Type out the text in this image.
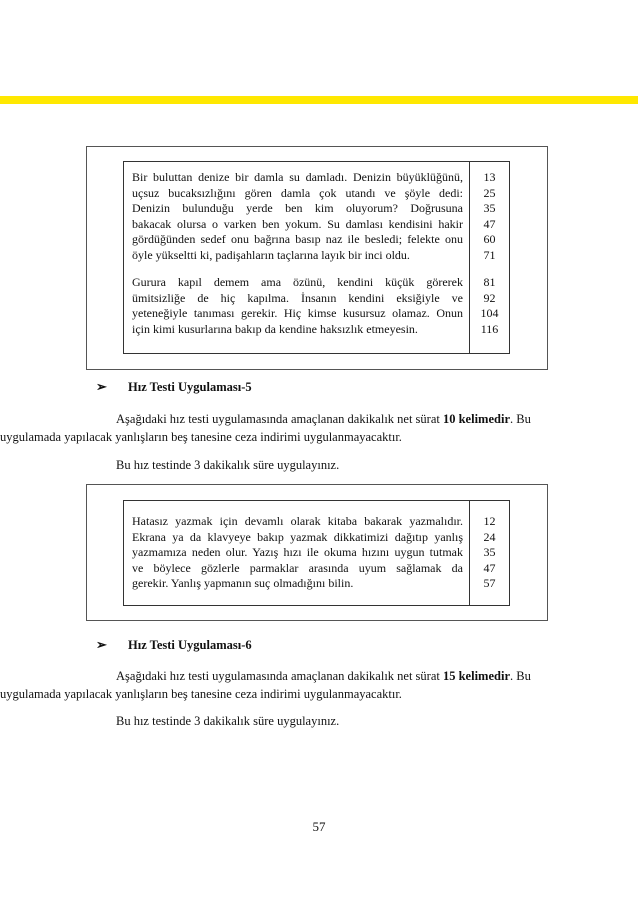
Bir buluttan denize bir damla su damladı. Denizin büyüklüğünü,
uçsuz bucaksızlığını gören damla çok utandı ve şöyle dedi:
Denizin bulunduğu yerde ben kim oluyorum? Doğrusuna
bakacak olursa o varken ben yokum. Su damlası kendisini hakir
gördüğünden sedef onu bağrına basıp naz ile besledi; felekte onu
öyle yükseltti ki, padişahların taçlarına layık bir inci oldu.

Gurura kapıl demem ama özünü, kendini küçük görerek
ümitsizliğe de hiç kapılma. İnsanın kendini eksiğiyle ve
yeteneğiyle tanıması gerekir. Hiç kimse kusursuz olamaz. Onun
için kimi kusurlarına bakıp da kendine haksızlık etmeyesin.

13
25
35
47
60
71
81
92
104
116
➢	Hız Testi Uygulaması-5
Aşağıdaki hız testi uygulamasında amaçlanan dakikalık net sürat 10 kelimedir. Bu
uygulamada yapılacak yanlışların beş tanesine ceza indirimi uygulanmayacaktır.
Bu hız testinde 3 dakikalık süre uygulayınız.

Hatasız yazmak için devamlı olarak kitaba bakarak yazmalıdır.
Ekrana ya da klavyeye bakıp yazmak dikkatimizi dağıtıp yanlış
yazmamıza neden olur. Yazış hızı ile okuma hızını uygun tutmak
ve böylece gözlerle parmaklar arasında uyum sağlamak da
gerekir. Yanlış yapmanın suç olmadığını bilin.

12
24
35
47
57
➢	Hız Testi Uygulaması-6
Aşağıdaki hız testi uygulamasında amaçlanan dakikalık net sürat 15 kelimedir. Bu
uygulamada yapılacak yanlışların beş tanesine ceza indirimi uygulanmayacaktır.
Bu hız testinde 3 dakikalık süre uygulayınız.
57
